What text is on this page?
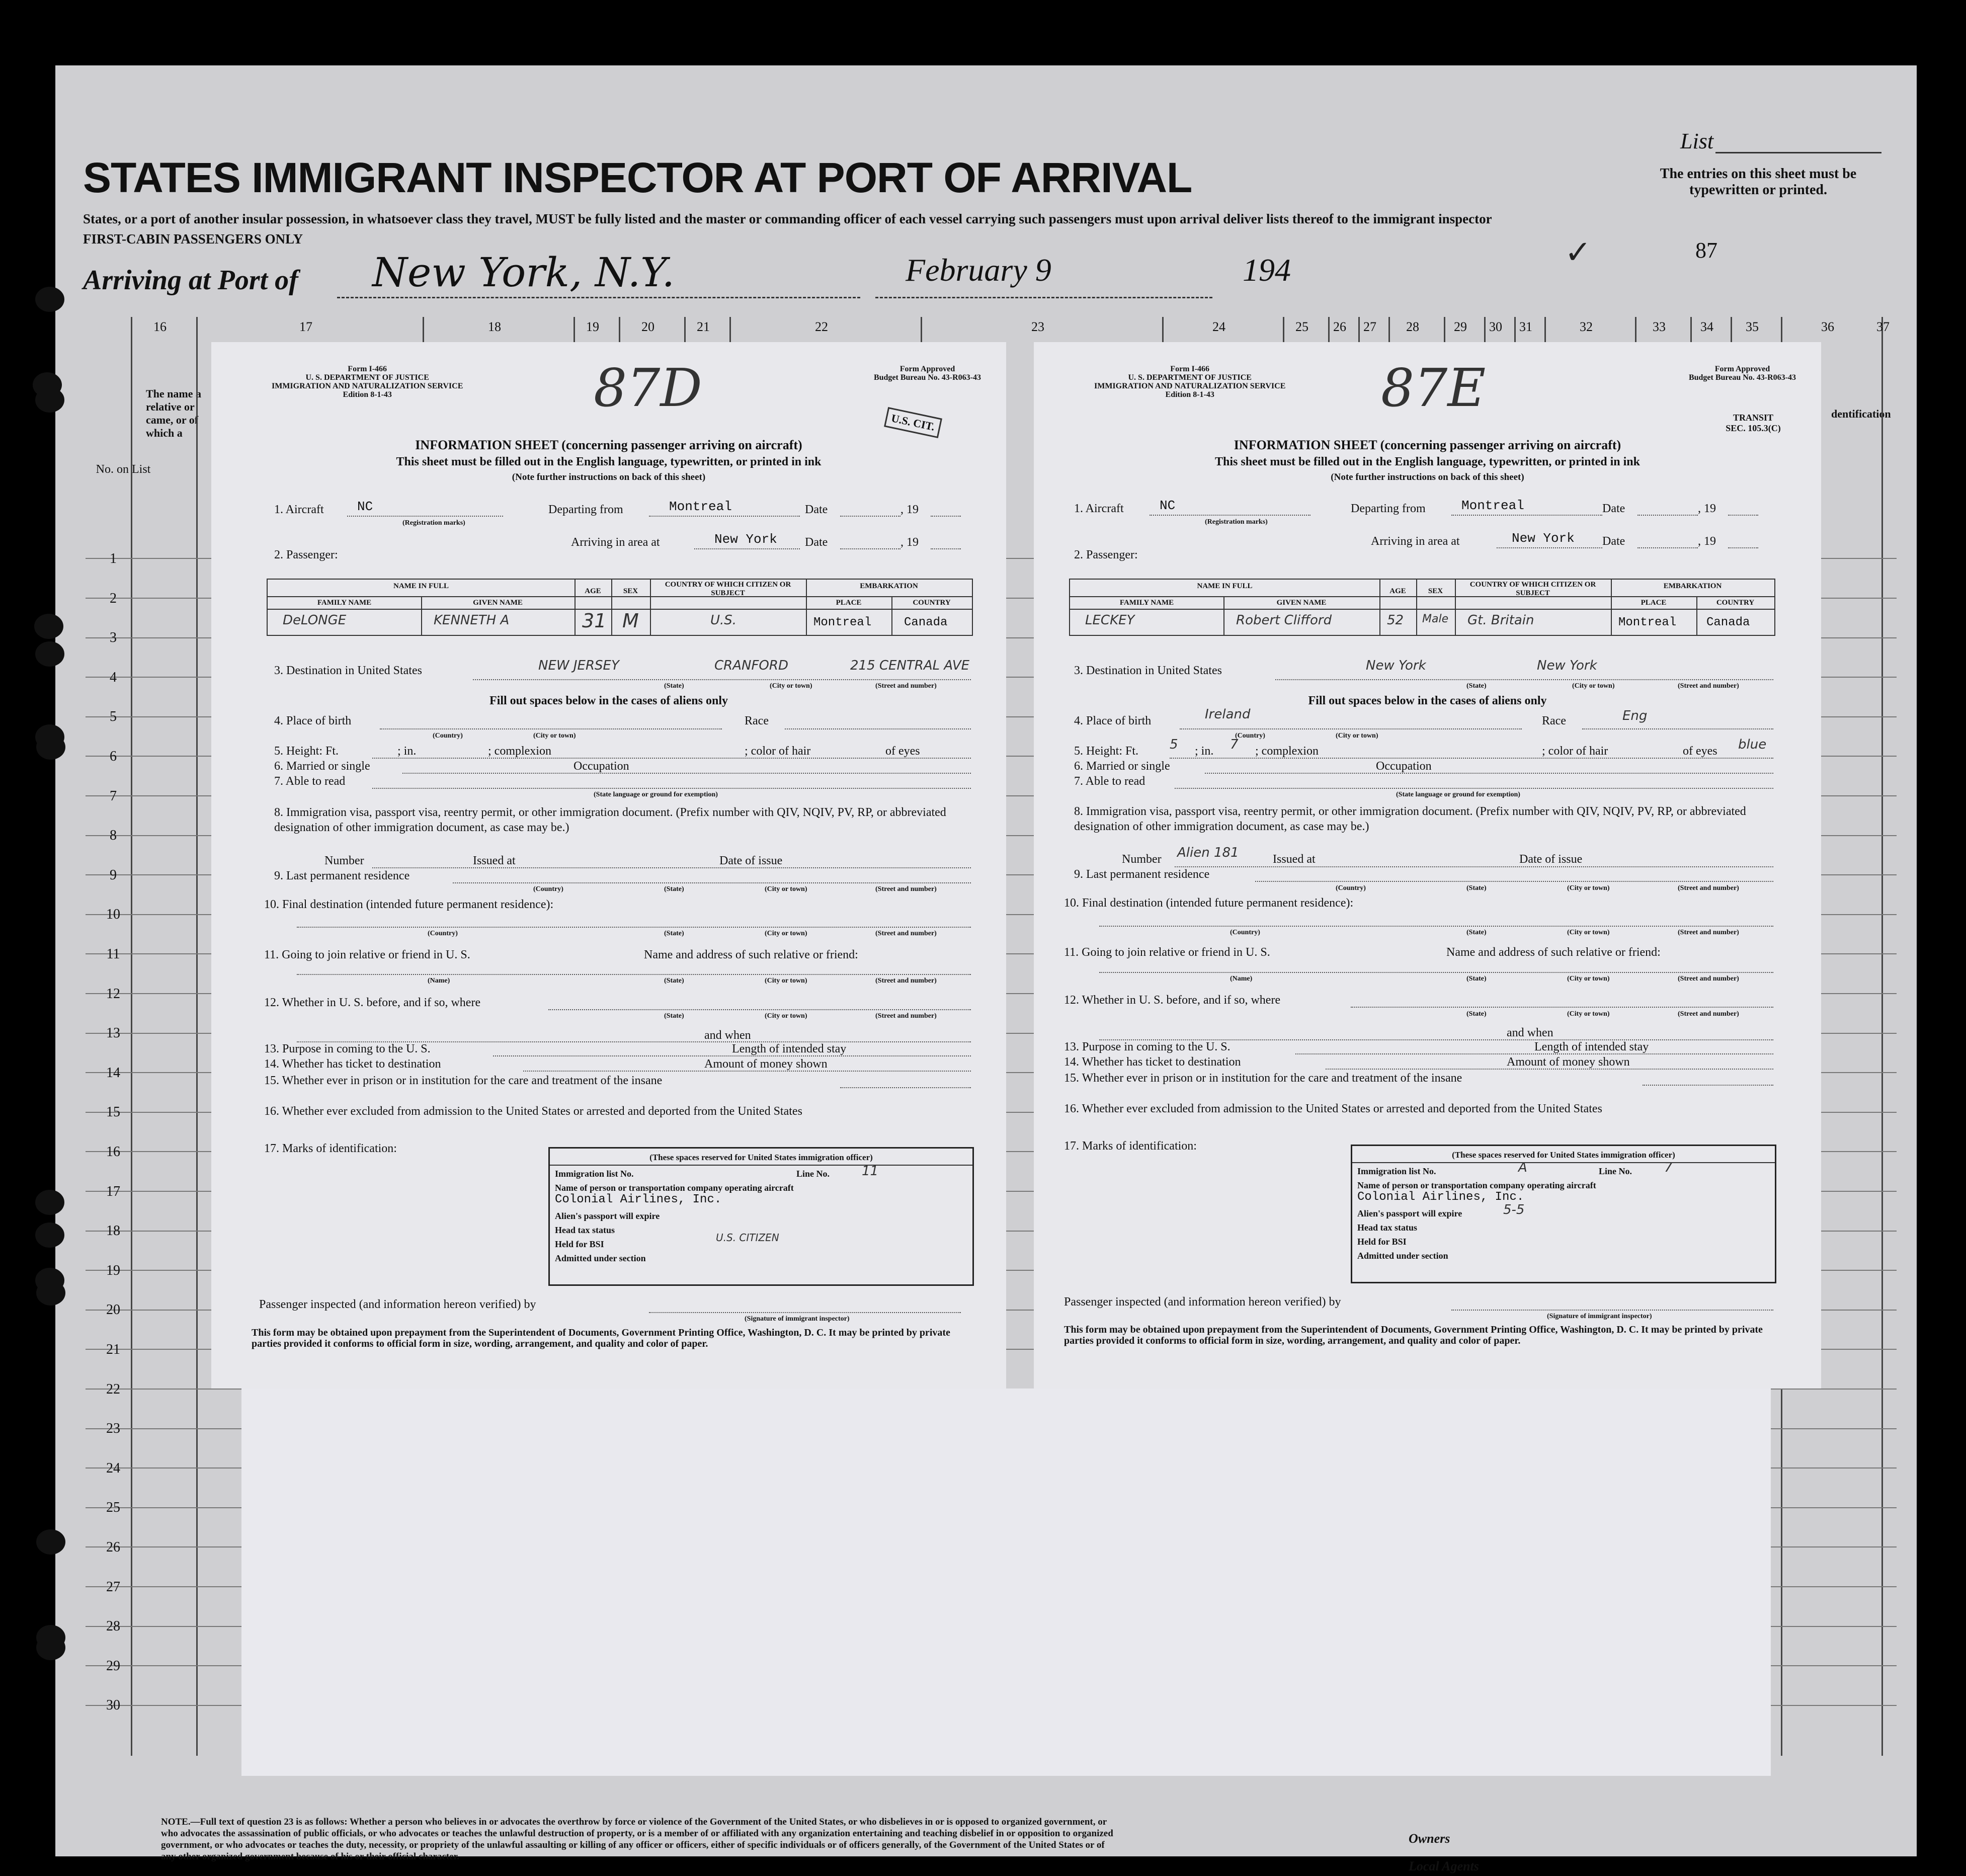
List
The entries on this sheet must be typewritten or printed.
STATES IMMIGRANT INSPECTOR AT PORT OF ARRIVAL
States, or a port of another insular possession, in whatsoever class they travel, MUST be fully listed and the master or commanding officer of each vessel carrying such passengers must upon arrival deliver lists thereof to the immigrant inspector
FIRST-CABIN PASSENGERS ONLY	✓	87
Arriving at Port of New York, N.Y.	February 9	194
No. on List
The name a relative or came, or of which a
dentification
NOTE.—Full text of question 23 is as follows: Whether a person who believes in or advocates the overthrow by force or violence of the Government of the United States, or who disbelieves in or is opposed to organized government, or who advocates the assassination of public officials, or who advocates or teaches the unlawful destruction of property, or is a member of or affiliated with any organization entertaining and teaching disbelief in or opposition to organized government, or who advocates or teaches the duty, necessity, or propriety of the unlawful assaulting or killing of any officer or officers, either of specific individuals or of officers generally, of the Government of the United States or of any other organized government because of his or their official character.
Owners
Local Agents
16	17	18	19	20	21	22	23	24	25 26 27 28	29 30 31	32	33	34 35	36	37
1
2
3
4
5
6
7
8
9
10
11
12
13
14
15
16
17
18
19
20
21
22
23
24
25
26
27
28
29
30
Form I-466
U. S. DEPARTMENT OF JUSTICE
IMMIGRATION AND NATURALIZATION SERVICE
Edition 8-1-43
Form Approved
Budget Bureau No. 43-R063-43
87D
U.S. CIT.
INFORMATION SHEET (concerning passenger arriving on aircraft)
This sheet must be filled out in the English language, typewritten, or printed in ink
(Note further instructions on back of this sheet)
1. Aircraft	NC
(Registration marks)
Departing from	Montreal	Date	, 19
Arriving in area at	New York Date	, 19
2. Passenger:
NAME IN FULL
FAMILY NAME	GIVEN NAME
AGE	SEX
COUNTRY OF WHICH CITIZEN OR SUBJECT
EMBARKATION
PLACE	COUNTRY
DeLONGE	KENNETH A	31 M	U.S.	Montreal	Canada
3. Destination in United States	NEW JERSEY	CRANFORD	215 CENTRAL AVE
(State)	(City or town)	(Street and number)
Fill out spaces below in the cases of aliens only
4. Place of birth
(Country)	(City or town)
Race
5. Height: Ft.	; in.	; complexion	; color of hair	of eyes
6. Married or single	Occupation
7. Able to read
(State language or ground for exemption)
8. Immigration visa, passport visa, reentry permit, or other immigration document. (Prefix number with QIV, NQIV, PV, RP, or abbreviated designation of other immigration document, as case may be.)
Number	Issued at	Date of issue
9. Last permanent residence
(Country)	(State)	(City or town)	(Street and number)
10. Final destination (intended future permanent residence):
(Country)	(State)	(City or town)	(Street and number)
11. Going to join relative or friend in U. S.	Name and address of such relative or friend:
(Name)	(State)	(City or town)	(Street and number)
12. Whether in U. S. before, and if so, where
(State)	(City or town)	(Street and number)
and when
13. Purpose in coming to the U. S.	Length of intended stay
14. Whether has ticket to destination	Amount of money shown
15. Whether ever in prison or in institution for the care and treatment of the insane
16. Whether ever excluded from admission to the United States or arrested and deported from the United States
17. Marks of identification:
(These spaces reserved for United States immigration officer)
Immigration list No.	Line No. 11
Name of person or transportation company operating aircraft
Colonial Airlines, Inc.
Alien's passport will expire
Head tax status
Held for BSI
U.S. CITIZEN
Admitted under section
Passenger inspected (and information hereon verified) by
(Signature of immigrant inspector)
This form may be obtained upon prepayment from the Superintendent of Documents, Government Printing Office, Washington, D. C. It may be printed by private parties provided it conforms to official form in size, wording, arrangement, and quality and color of paper.
Form I-466
U. S. DEPARTMENT OF JUSTICE
IMMIGRATION AND NATURALIZATION SERVICE
Edition 8-1-43
Form Approved
Budget Bureau No. 43-R063-43
87E	TRANSIT SEC. 105.3(C)
INFORMATION SHEET (concerning passenger arriving on aircraft)
This sheet must be filled out in the English language, typewritten, or printed in ink
(Note further instructions on back of this sheet)
1. Aircraft	NC
(Registration marks)
Departing from	Montreal	Date	, 19
Arriving in area at	New York Date	, 19
2. Passenger:
NAME IN FULL
FAMILY NAME	GIVEN NAME
AGE	SEX
COUNTRY OF WHICH CITIZEN OR SUBJECT
EMBARKATION
PLACE	COUNTRY
LECKEY	Robert Clifford	52 Male Gt. Britain	Montreal Canada
3. Destination in United States	New York	New York
(State)	(City or town)	(Street and number)
Fill out spaces below in the cases of aliens only
4. Place of birth	Ireland
(Country)	(City or town)
Race	Eng
5. Height: Ft. 5 ; in. 7 ; complexion	; color of hair	of eyes blue
6. Married or single	Occupation
7. Able to read
(State language or ground for exemption)
8. Immigration visa, passport visa, reentry permit, or other immigration document. (Prefix number with QIV, NQIV, PV, RP, or abbreviated designation of other immigration document, as case may be.)
Number Alien 181	Issued at	Date of issue
9. Last permanent residence
(Country)	(State)	(City or town)	(Street and number)
10. Final destination (intended future permanent residence):
(Country)	(State)	(City or town)	(Street and number)
11. Going to join relative or friend in U. S.	Name and address of such relative or friend:
(Name)	(State)	(City or town)	(Street and number)
12. Whether in U. S. before, and if so, where
(State)	(City or town)	(Street and number)
and when
13. Purpose in coming to the U. S.	Length of intended stay
14. Whether has ticket to destination	Amount of money shown
15. Whether ever in prison or in institution for the care and treatment of the insane
16. Whether ever excluded from admission to the United States or arrested and deported from the United States
17. Marks of identification:
(These spaces reserved for United States immigration officer)
Immigration list No.	A	Line No. 7
Name of person or transportation company operating aircraft
Colonial Airlines, Inc.
Alien's passport will expire	5-5
Head tax status
Held for BSI
Admitted under section
Passenger inspected (and information hereon verified) by
(Signature of immigrant inspector)
This form may be obtained upon prepayment from the Superintendent of Documents, Government Printing Office, Washington, D. C. It may be printed by private parties provided it conforms to official form in size, wording, arrangement, and quality and color of paper.
